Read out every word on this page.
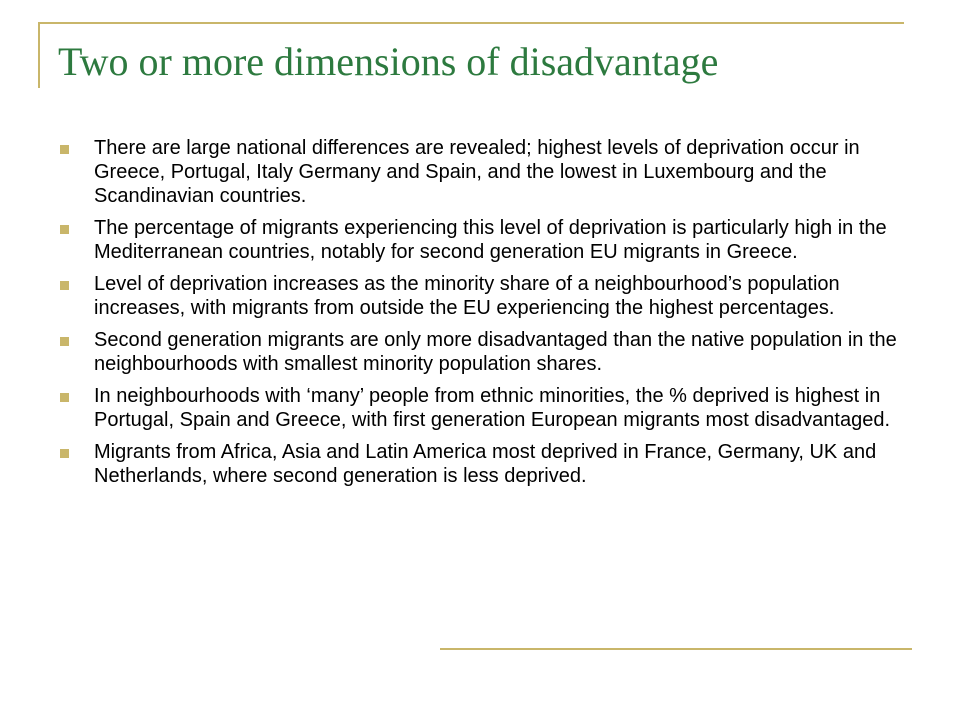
Two or more dimensions of disadvantage
There are large national differences are revealed; highest levels of deprivation occur in Greece, Portugal, Italy Germany and Spain, and the lowest in Luxembourg and the Scandinavian countries.
The percentage of migrants experiencing this level of deprivation is particularly high in the Mediterranean countries, notably for second generation EU migrants in Greece.
Level of deprivation increases as the minority share of a neighbourhood’s population increases, with migrants from outside the EU experiencing the highest percentages.
Second generation migrants are only more disadvantaged than the native population in the neighbourhoods with smallest minority population shares.
In neighbourhoods with ‘many’ people from ethnic minorities, the % deprived is highest in Portugal, Spain and Greece, with first generation European migrants most disadvantaged.
Migrants from Africa, Asia and Latin America most deprived in France, Germany, UK and Netherlands, where second generation is less deprived.
